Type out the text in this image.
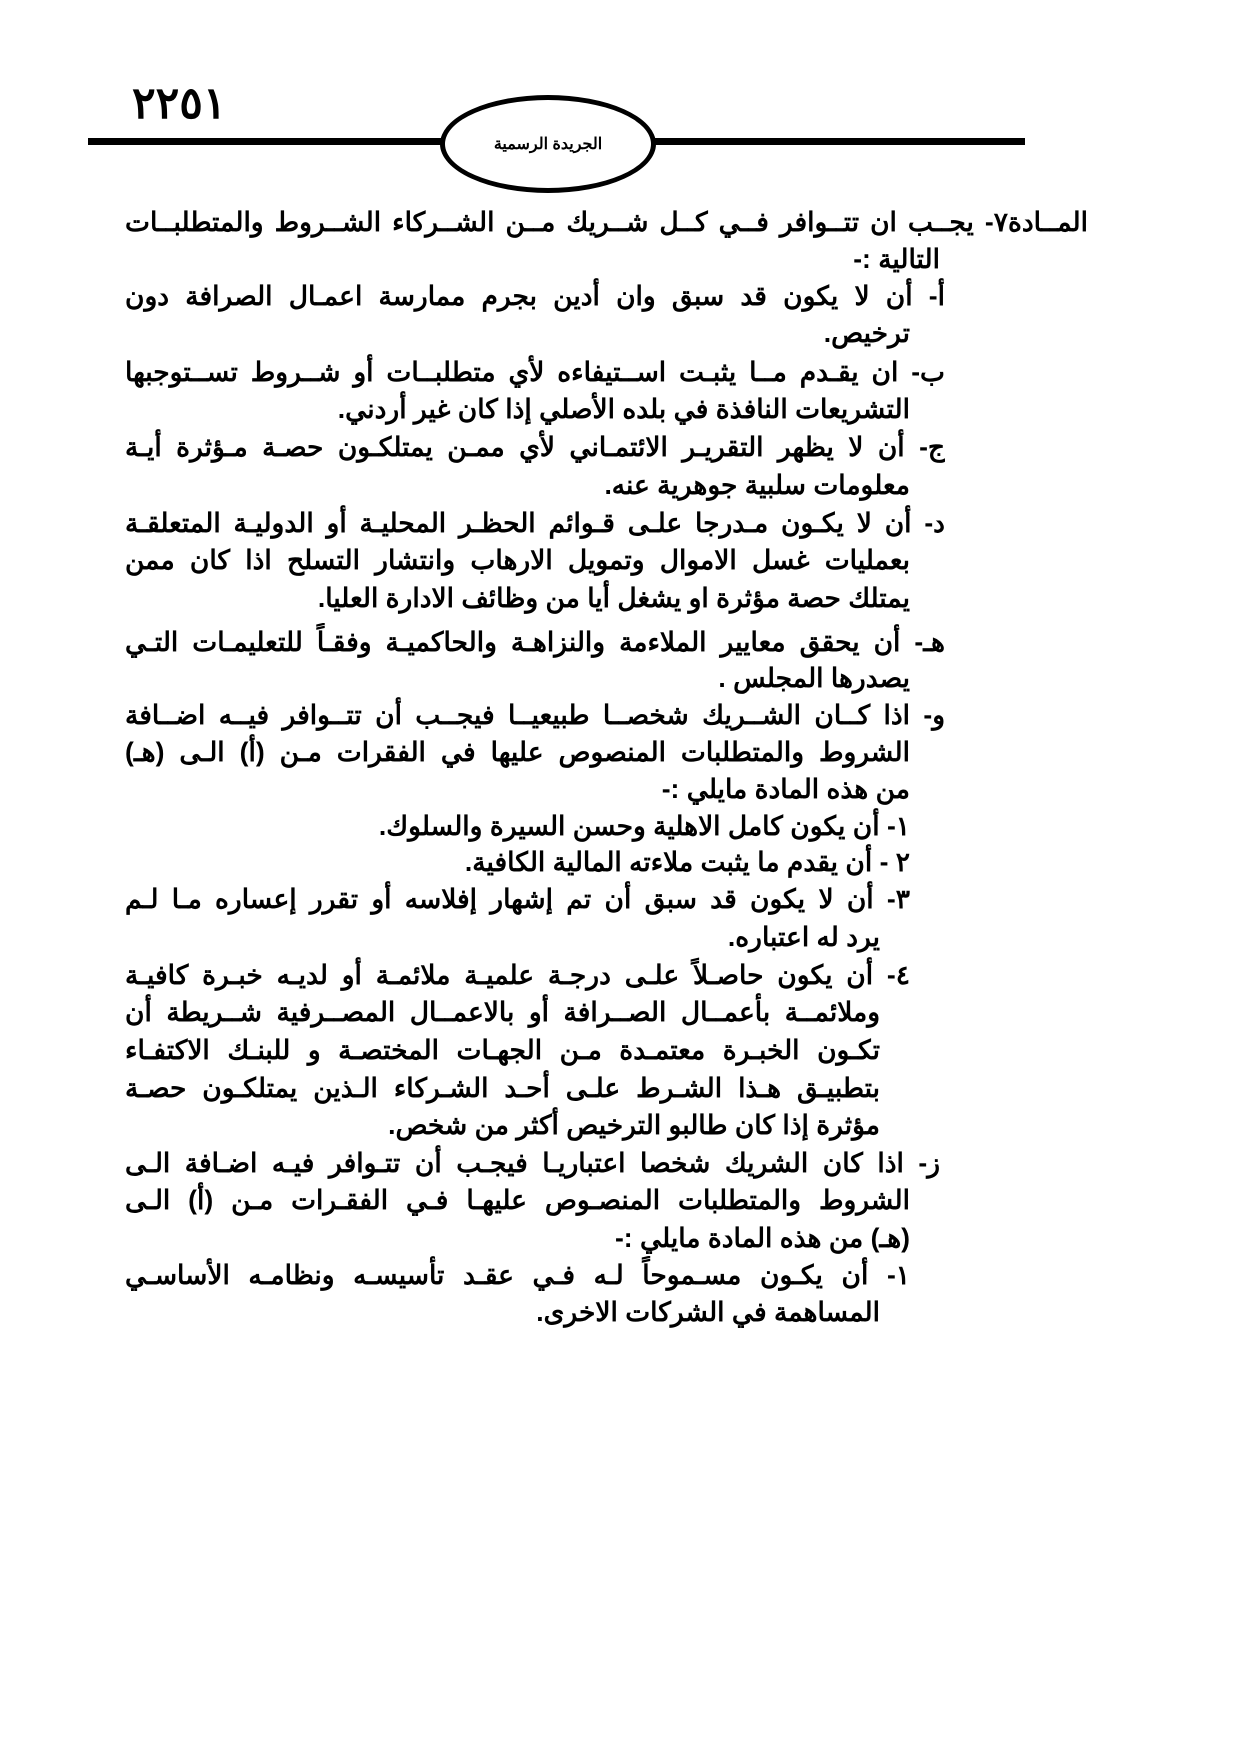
٢٢٥١
الجريدة الرسمية
المــادة٧- يجــب ان تتــوافر فــي كــل شــريك مــن الشــركاء الشــروط والمتطلبــات
التالية :-
أ- أن لا يكون قد سبق وان أدين بجرم ممارسة اعمـال الصرافة دون
ترخيص.
ب- ان يقـدم مــا يثبـت اســتيفاءه لأي متطلبــات أو شــروط تســتوجبها
التشريعات النافذة في بلده الأصلي إذا كان غير أردني.
ج- أن لا يظهر التقريـر الائتمـاني لأي ممـن يمتلكـون حصـة مـؤثرة أيـة
معلومات سلبية جوهرية عنه.
د- أن لا يكـون مـدرجا علـى قـوائم الحظـر المحليـة أو الدوليـة المتعلقـة
بعمليات غسل الاموال وتمويل الارهاب وانتشار التسلح اذا كان ممن
يمتلك حصة مؤثرة او يشغل أيا من وظائف الادارة العليا.
هـ- أن يحقق معايير الملاءمة والنزاهـة والحاكميـة وفقـاً للتعليمـات التـي
يصدرها المجلس .
و- اذا كــان الشــريك شخصــا طبيعيــا فيجــب أن تتــوافر فيــه اضــافة
الشروط والمتطلبات المنصوص عليها في الفقرات مـن (أ) الـى (هـ)
من هذه المادة مايلي :-
١- أن يكون كامل الاهلية وحسن السيرة والسلوك.
٢ - أن يقدم ما يثبت ملاءته المالية الكافية.
٣- أن لا يكون قد سبق أن تم إشهار إفلاسه أو تقرر إعساره مـا لـم
يرد له اعتباره.
٤- أن يكون حاصـلاً علـى درجـة علميـة ملائمـة أو لديـه خبـرة كافيـة
وملائمــة بأعمــال الصــرافة أو بالاعمــال المصــرفية شــريطة أن
تكـون الخبـرة معتمـدة مـن الجهـات المختصـة و للبنـك الاكتفـاء
بتطبيـق هـذا الشـرط علـى أحـد الشـركاء الـذين يمتلكـون حصـة
مؤثرة إذا كان طالبو الترخيص أكثر من شخص.
ز- اذا كان الشريك شخصا اعتباريـا فيجـب أن تتـوافر فيـه اضـافة الـى
الشروط والمتطلبات المنصـوص عليهـا فـي الفقـرات مـن (أ) الـى
(هـ) من هذه المادة مايلي :-
١- أن يكـون مسـموحاً لـه فـي عقـد تأسيسـه ونظامـه الأساسـي
المساهمة في الشركات الاخرى.
